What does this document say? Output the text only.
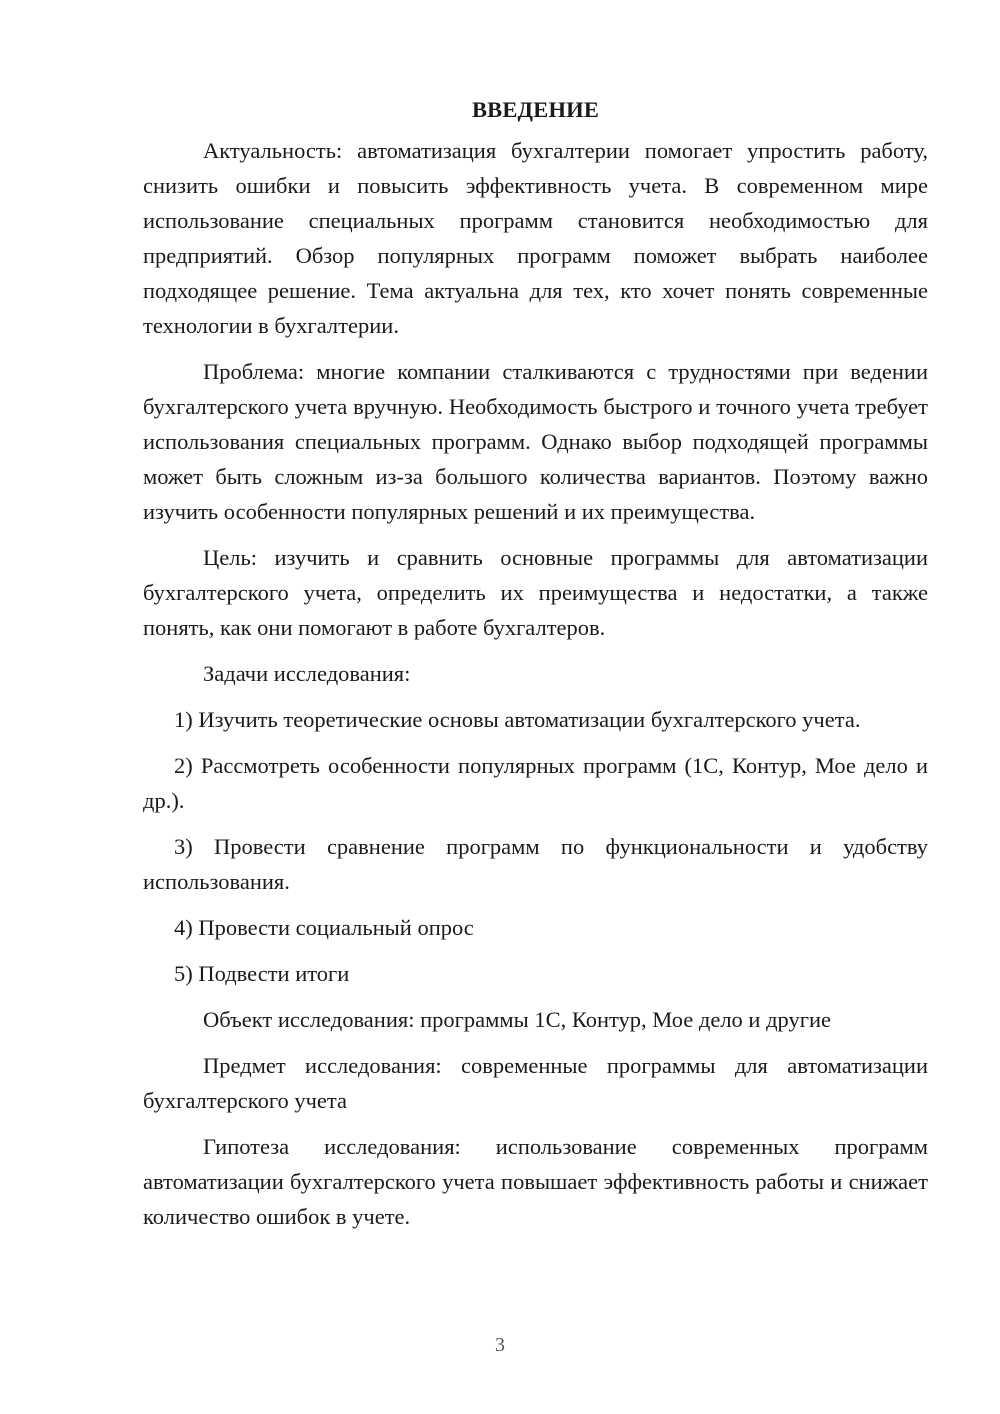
ВВЕДЕНИЕ

Актуальность: автоматизация бухгалтерии помогает упростить работу, снизить ошибки и повысить эффективность учета. В современном мире использование специальных программ становится необходимостью для предприятий. Обзор популярных программ поможет выбрать наиболее подходящее решение. Тема актуальна для тех, кто хочет понять современные технологии в бухгалтерии.

Проблема: многие компании сталкиваются с трудностями при ведении бухгалтерского учета вручную. Необходимость быстрого и точного учета требует использования специальных программ. Однако выбор подходящей программы может быть сложным из-за большого количества вариантов. Поэтому важно изучить особенности популярных решений и их преимущества.

Цель: изучить и сравнить основные программы для автоматизации бухгалтерского учета, определить их преимущества и недостатки, а также понять, как они помогают в работе бухгалтеров.

Задачи исследования:

1) Изучить теоретические основы автоматизации бухгалтерского учета.

2) Рассмотреть особенности популярных программ (1С, Контур, Мое дело и др.).

3) Провести сравнение программ по функциональности и удобству использования.

4) Провести социальный опрос

5) Подвести итоги

Объект исследования: программы 1С, Контур, Мое дело и другие

Предмет исследования: современные программы для автоматизации бухгалтерского учета

Гипотеза исследования: использование современных программ автоматизации бухгалтерского учета повышает эффективность работы и снижает количество ошибок в учете.

3
